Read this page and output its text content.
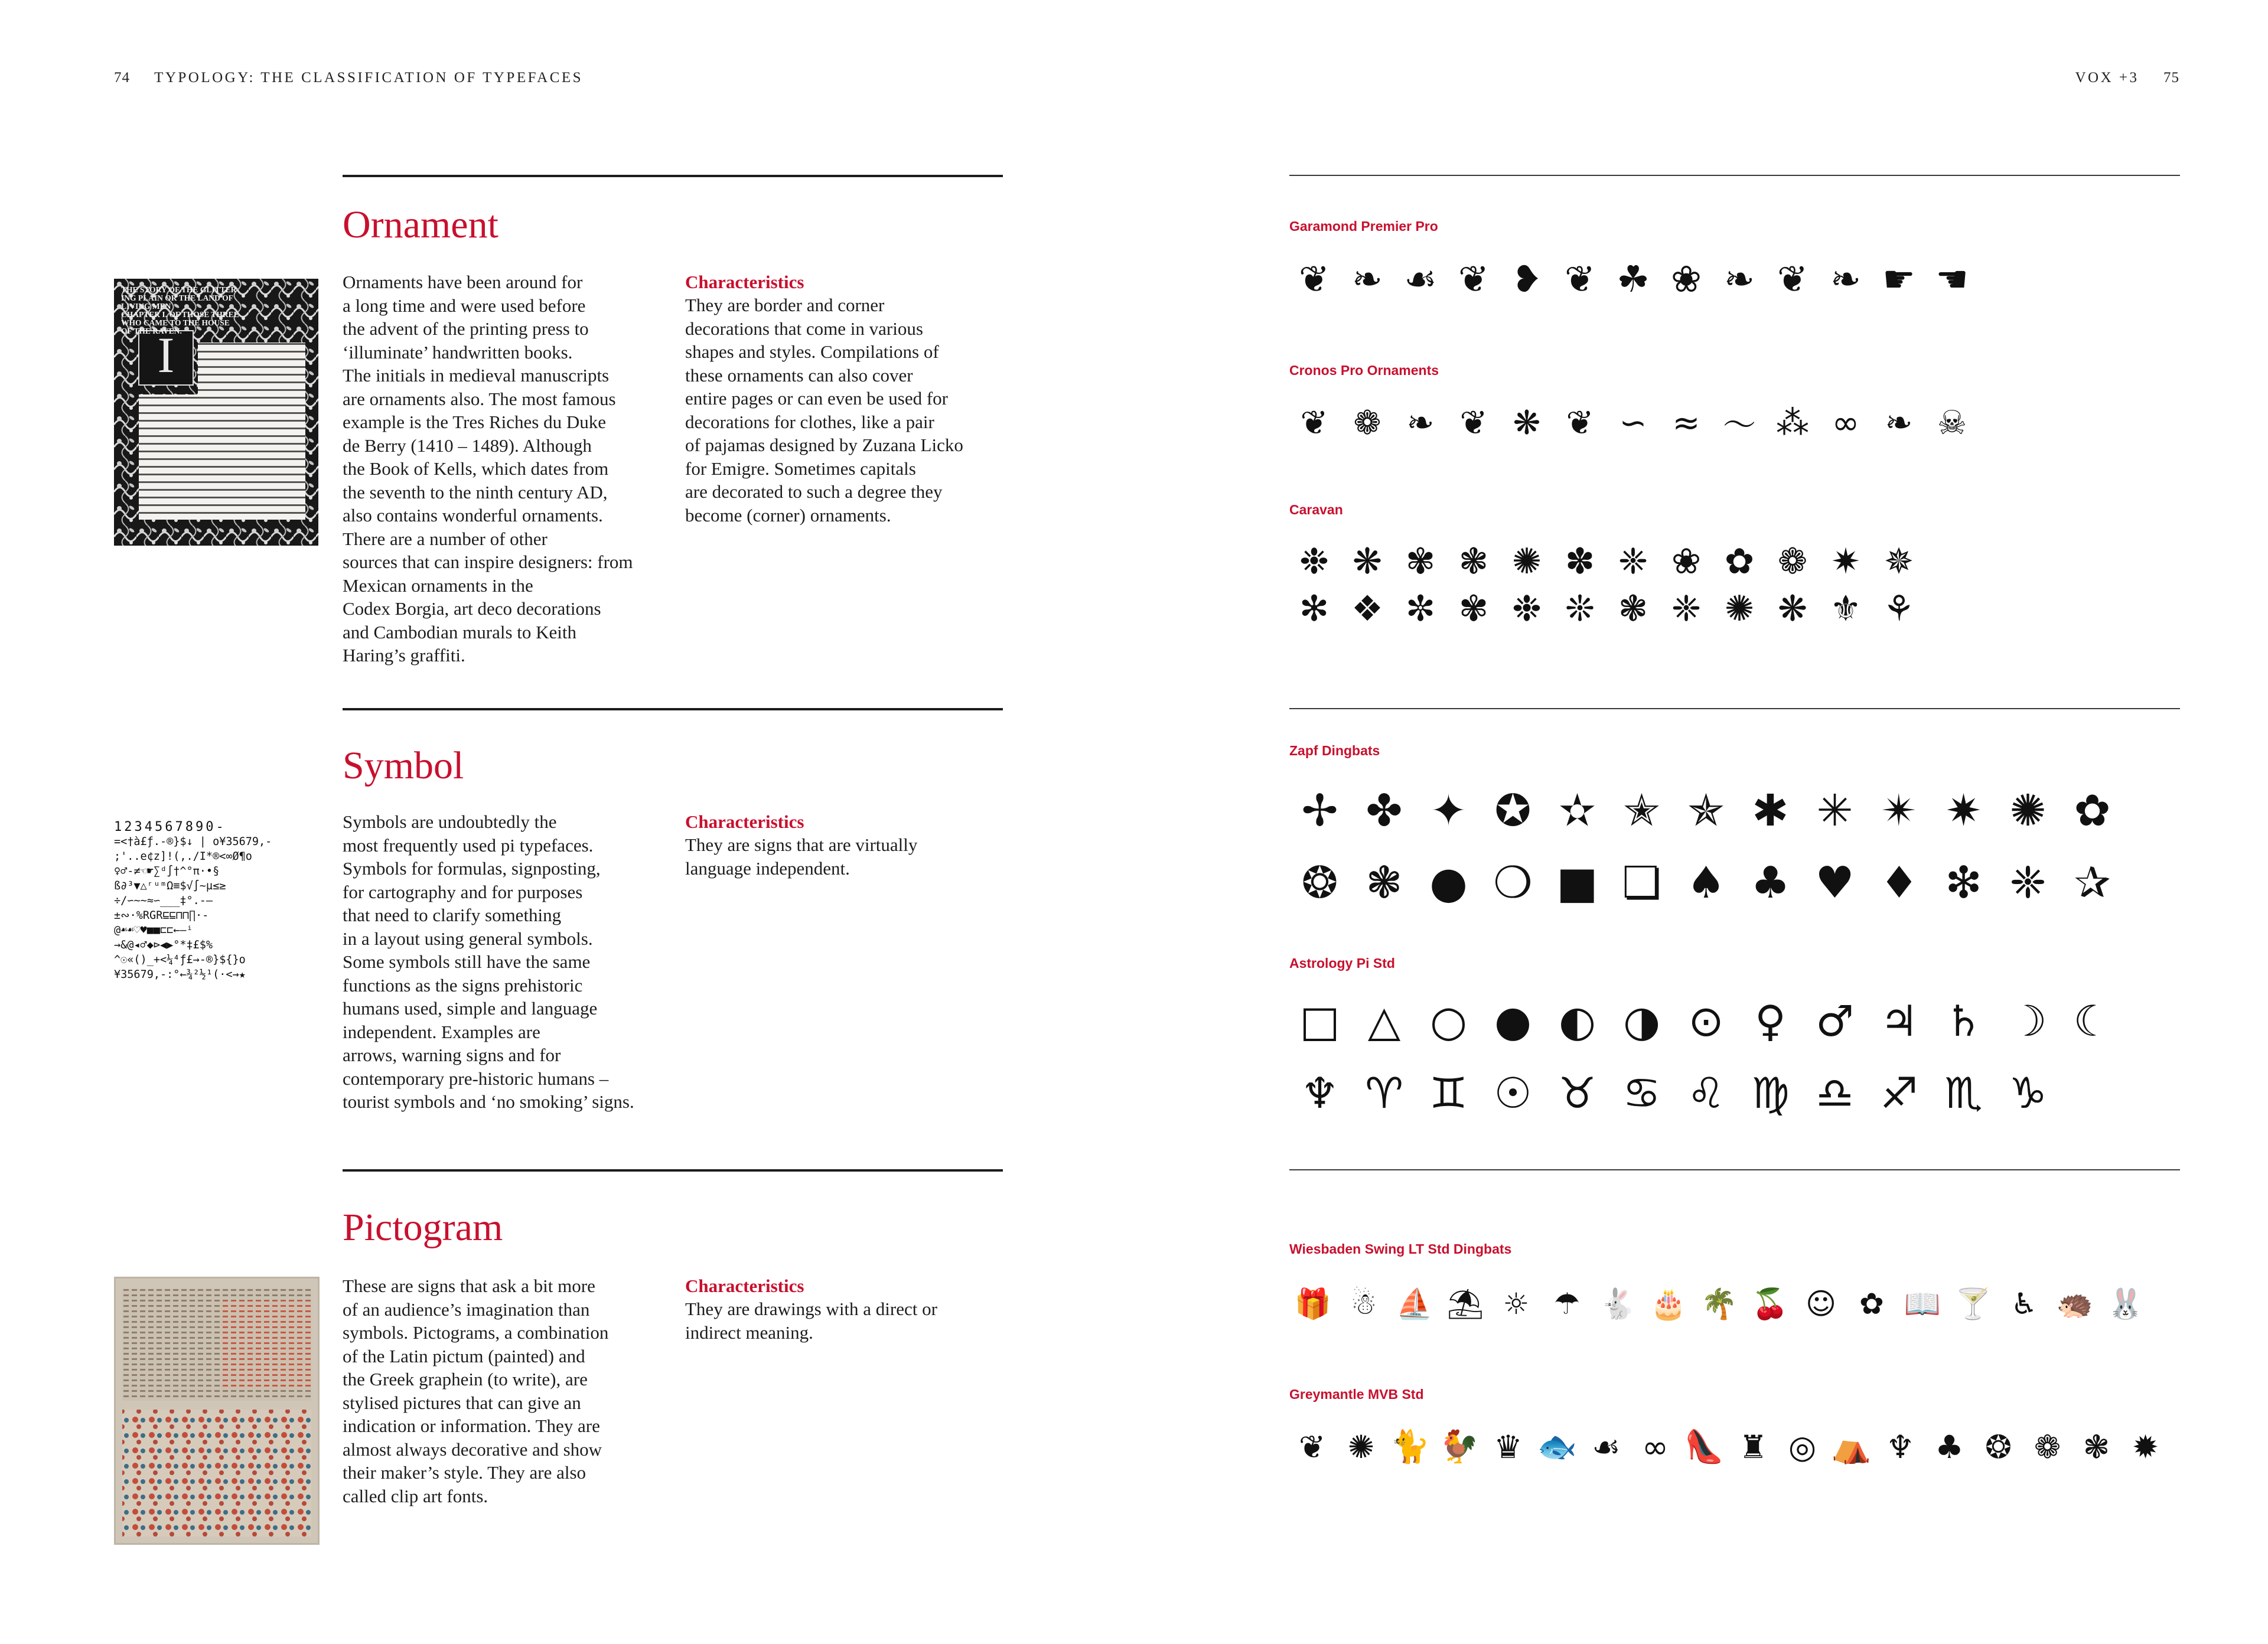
74 TYPOLOGY: THE CLASSIFICATION OF TYPEFACES	VOX +3 75
Ornament
I
THE STORY OF THE GLITTER-
ING PLAIN OR THE LAND OF
LIVING MEN
CHAPTER I. OF THOSE THREE
WHO CAME TO THE HOUSE
OF THE RAVEN.
Ornaments have been around for
a long time and were used before
the advent of the printing press to
‘illuminate’ handwritten books.
The initials in medieval manuscripts
are ornaments also. The most famous
example is the Tres Riches du Duke
de Berry (1410 – 1489). Although
the Book of Kells, which dates from
the seventh to the ninth century AD,
also contains wonderful ornaments.
There are a number of other
sources that can inspire designers: from
Mexican ornaments in the
Codex Borgia, art deco decorations
and Cambodian murals to Keith
Haring’s graffiti.
Characteristics
They are border and corner
decorations that come in various
shapes and styles. Compilations of
these ornaments can also cover
entire pages or can even be used for
decorations for clothes, like a pair
of pajamas designed by Zuzana Licko
for Emigre. Sometimes capitals
are decorated to such a degree they
become (corner) ornaments.
Symbol
1234567890-
=<†à£ƒ.-®}$↓ | o¥35679,-
;'..e¢z]!(,./I*®<∞Ø¶o
♀♂-≠☜☛∑ᵈ∫†^°π·•§
ß∂³▼△ʳᵘᵐΩ≡$√∫~µ≤≥
÷/∽∼∼≈∽___‡°.-—
±∾·%RGR⊑⊑⊓⊓∏·-
@☙☙♡♥■■⊏⊏←—ⁱ
→&@◂♂◆⊳◀▶°*‡£$%
^☉«()_+<¼⁴ƒ£→-®}${}o
¥35679,-:°←¾²½¹(·<→★
Symbols are undoubtedly the
most frequently used pi typefaces.
Symbols for formulas, signposting,
for cartography and for purposes
that need to clarify something
in a layout using general symbols.
Some symbols still have the same
functions as the signs prehistoric
humans used, simple and language
independent. Examples are
arrows, warning signs and for
contemporary pre-historic humans –
tourist symbols and ‘no smoking’ signs.
Characteristics
They are signs that are virtually
language independent.
Pictogram
These are signs that ask a bit more
of an audience’s imagination than
symbols. Pictograms, a combination
of the Latin pictum (painted) and
the Greek graphein (to write), are
stylised pictures that can give an
indication or information. They are
almost always decorative and show
their maker’s style. They are also
called clip art fonts.
Characteristics
They are drawings with a direct or
indirect meaning.
Garamond Premier Pro
❦ ❧ ☙ ❦ ❥ ❦ ☘ ❀ ❧ ❦ ❧ ☛ ☚
Cronos Pro Ornaments
❦ ❁ ❧ ❦ ❋ ❦ ∽ ≈ 〜 ⁂ ∞ ❧ ☠
Caravan
❉ ❋ ✾ ❃ ✺ ✽ ❈ ❀ ✿ ❁ ✷ ✵
✻ ❖ ✼ ✾ ❉ ❊ ❃ ❈ ✺ ❋ ⚜ ⚘
Zapf Dingbats
✢ ✤ ✦ ✪ ✫ ✭ ✯ ✱ ✳ ✴ ✷ ✺ ✿
❂ ❃ ● ❍ ■ ❏ ♠ ♣ ♥ ♦ ❇ ❈ ✰
Astrology Pi Std
□ △ ○ ● ◐ ◑ ⊙ ♀ ♂ ♃ ♄ ☽ ☾
♆ ♈ ♊ ☉ ♉ ♋ ♌ ♍ ♎ ♐ ♏ ♑
Wiesbaden Swing LT Std Dingbats
🎁 ☃ ⛵ ⛱ ☼ ☂ 🐇 🎂 🌴 🍒 ☺ ✿ 📖 🍸 ♿ 🦔 🐰
Greymantle MVB Std
❦ ✺ 🐈 🐓 ♛ 🐟 ☙ ∞ 👠 ♜ ◎ ⛺ ♆ ♣ ❂ ❁ ❃ ✹
